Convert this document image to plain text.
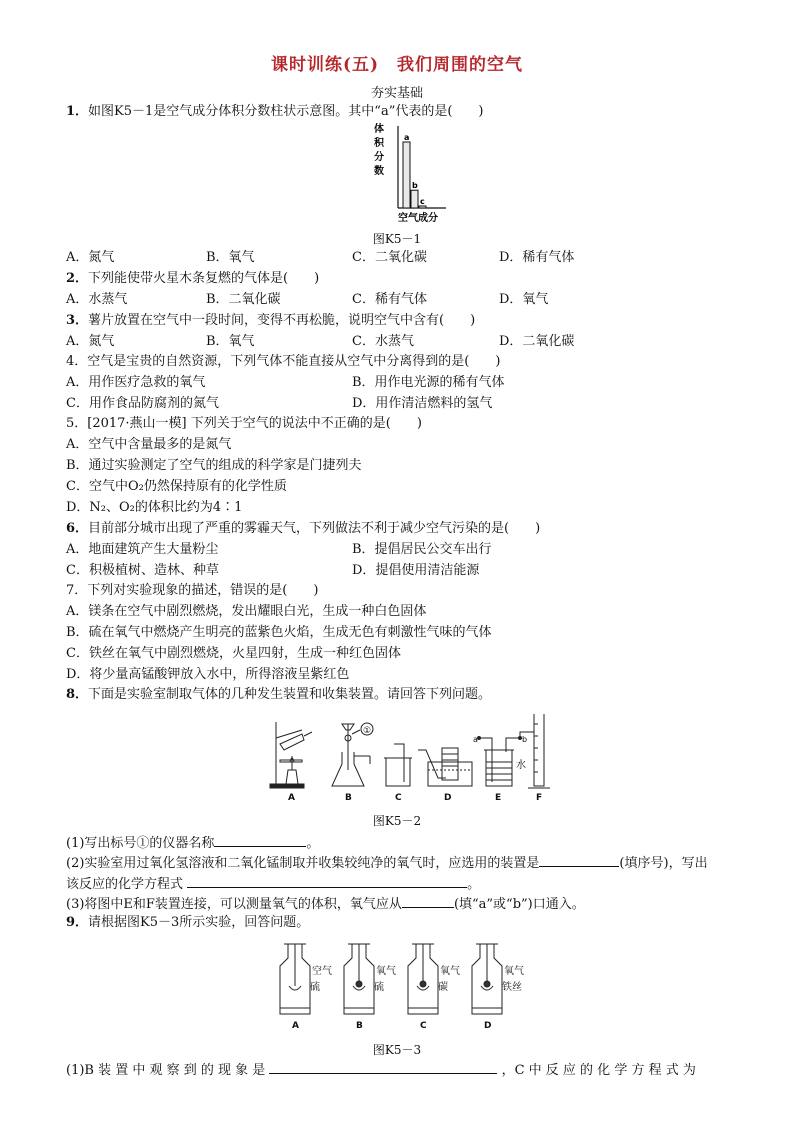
课时训练(五)　我们周围的空气
夯实基础
1．如图K5－1是空气成分体积分数柱状示意图。其中“a”代表的是(　　)
体
积
分
数
a
b
c
空气成分
图K5－1
A．氮气	B．氧气	C．二氧化碳	D．稀有气体
2．下列能使带火星木条复燃的气体是(　　)
A．水蒸气	B．二氧化碳	C．稀有气体	D．氧气
3．薯片放置在空气中一段时间，变得不再松脆，说明空气中含有(　　)
A．氮气	B．氧气	C．水蒸气	D．二氧化碳
4．空气是宝贵的自然资源，下列气体不能直接从空气中分离得到的是(　　)
A．用作医疗急救的氧气	B．用作电光源的稀有气体
C．用作食品防腐剂的氮气	D．用作清洁燃料的氢气
5．[2017·燕山一模] 下列关于空气的说法中不正确的是(　　)
A．空气中含量最多的是氮气
B．通过实验测定了空气的组成的科学家是门捷列夫
C．空气中O₂仍然保持原有的化学性质
D．N₂、O₂的体积比约为4∶1
6．目前部分城市出现了严重的雾霾天气，下列做法不利于减少空气污染的是(　　)
A．地面建筑产生大量粉尘	B．提倡居民公交车出行
C．积极植树、造林、种草	D．提倡使用清洁能源
7．下列对实验现象的描述，错误的是(　　)
A．镁条在空气中剧烈燃烧，发出耀眼白光，生成一种白色固体
B．硫在氧气中燃烧产生明亮的蓝紫色火焰，生成无色有刺激性气味的气体
C．铁丝在氧气中剧烈燃烧，火星四射，生成一种红色固体
D．将少量高锰酸钾放入水中，所得溶液呈紫红色
8．下面是实验室制取气体的几种发生装置和收集装置。请回答下列问题。
①
a	b
水
A	B	C	D	E	F
图K5－2
(1)写出标号①的仪器名称	。
(2)实验室用过氧化氢溶液和二氧化锰制取并收集较纯净的氧气时，应选用的装置是	(填序号)，写出
该反应的化学方程式	。
(3)将图中E和F装置连接，可以测量氧气的体积，氧气应从	(填“a”或“b”)口通入。
9．请根据图K5－3所示实验，回答问题。
空气
硫
A
氧气
硫
B
氧气
碳
C
氧气
铁丝
D
图K5－3
(1)B 装 置 中 观 察 到 的 现 象 是	，C 中 反 应 的 化 学 方 程 式 为
